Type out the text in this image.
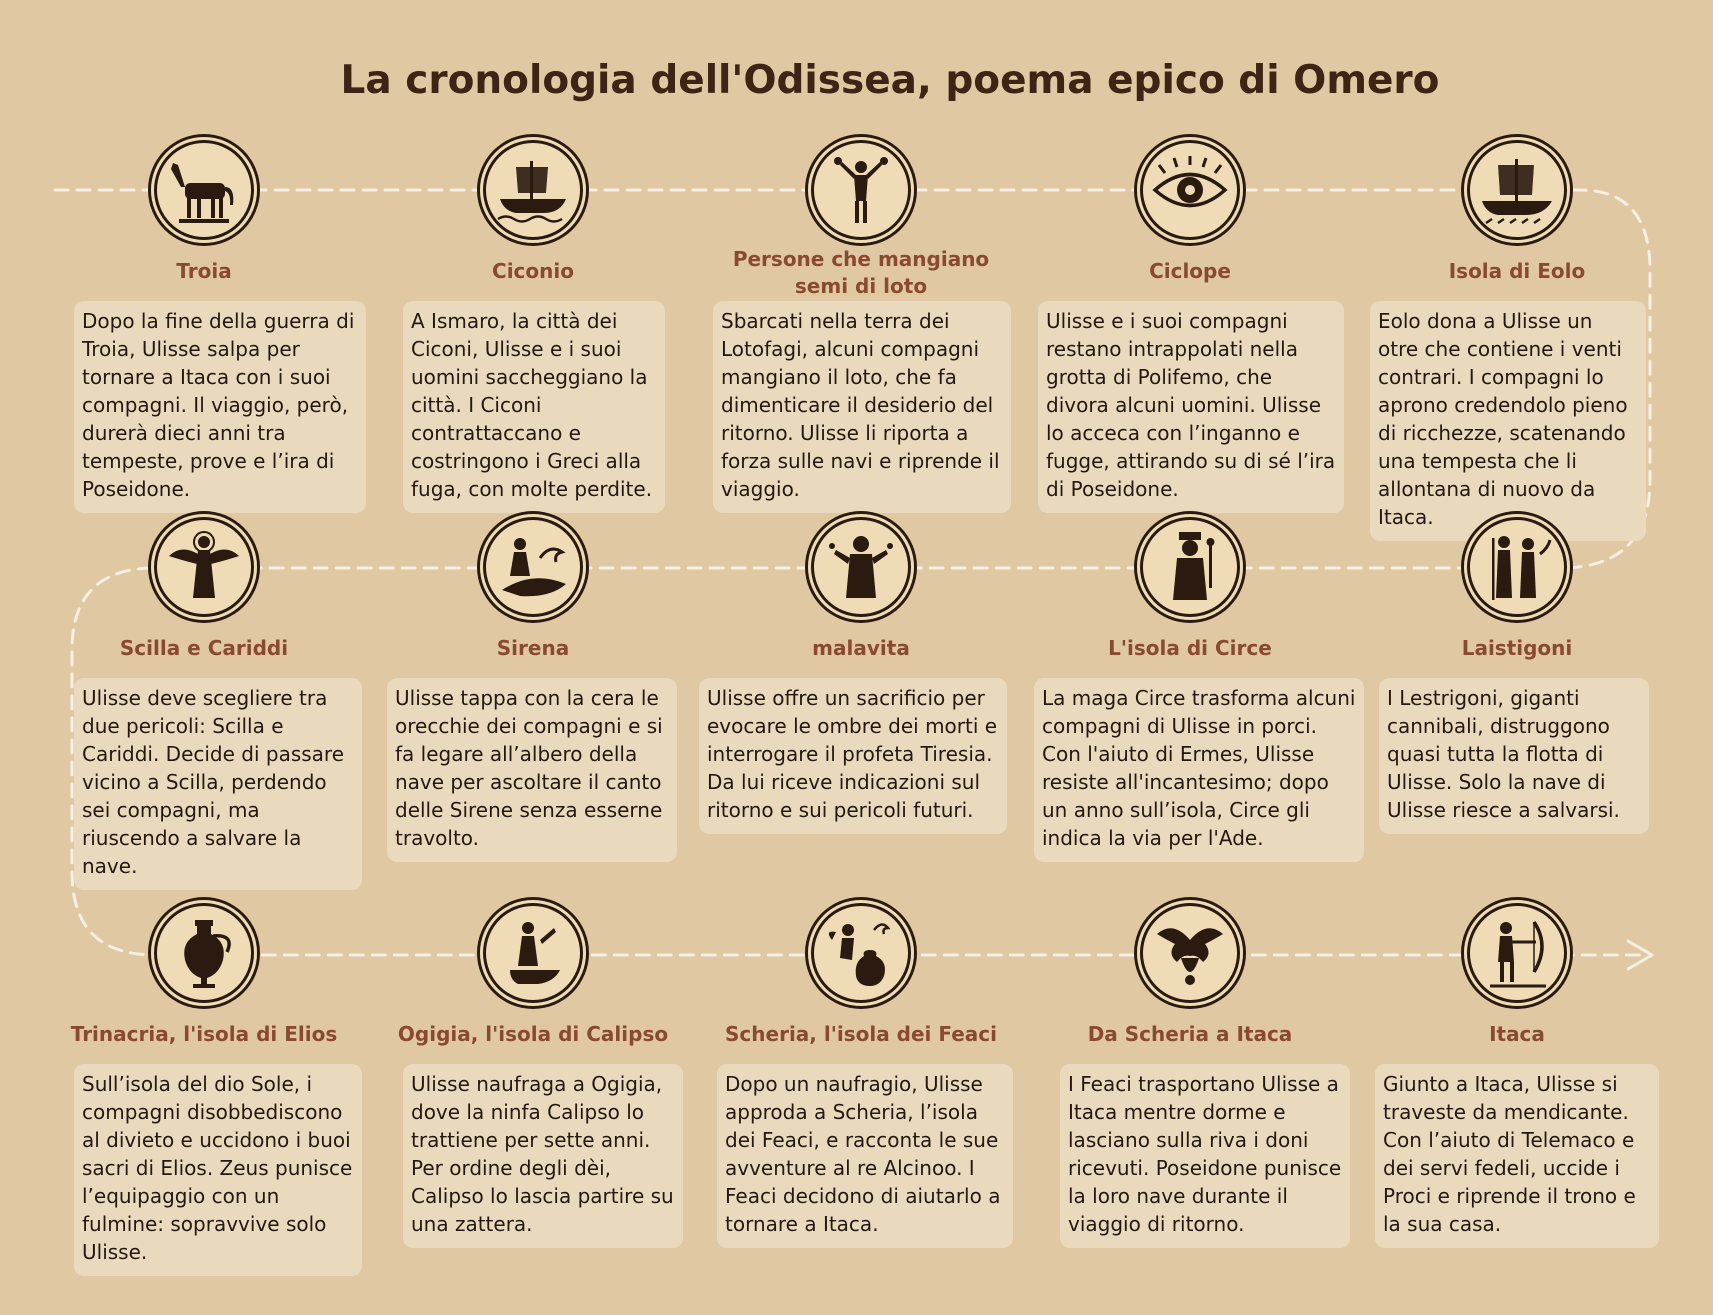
La cronologia dell'Odissea, poema epico di Omero
Troia
Dopo la fine della guerra di Troia, Ulisse salpa per tornare a Itaca con i suoi compagni. Il viaggio, però, durerà dieci anni tra tempeste, prove e l’ira di Poseidone.
Ciconio
A Ismaro, la città dei Ciconi, Ulisse e i suoi uomini saccheggiano la città. I Ciconi contrattaccano e costringono i Greci alla fuga, con molte perdite.
Persone che mangiano semi di loto
Sbarcati nella terra dei Lotofagi, alcuni compagni mangiano il loto, che fa dimenticare il desiderio del ritorno. Ulisse li riporta a forza sulle navi e riprende il viaggio.
Ciclope
Ulisse e i suoi compagni restano intrappolati nella grotta di Polifemo, che divora alcuni uomini. Ulisse lo acceca con l’inganno e fugge, attirando su di sé l’ira di Poseidone.
Isola di Eolo
Eolo dona a Ulisse un otre che contiene i venti contrari. I compagni lo aprono credendolo pieno di ricchezze, scatenando una tempesta che li allontana di nuovo da Itaca.
Scilla e Cariddi
Ulisse deve scegliere tra due pericoli: Scilla e Cariddi. Decide di passare vicino a Scilla, perdendo sei compagni, ma riuscendo a salvare la nave.
Sirena
Ulisse tappa con la cera le orecchie dei compagni e si fa legare all’albero della nave per ascoltare il canto delle Sirene senza esserne travolto.
malavita
Ulisse offre un sacrificio per evocare le ombre dei morti e interrogare il profeta Tiresia. Da lui riceve indicazioni sul ritorno e sui pericoli futuri.
L'isola di Circe
La maga Circe trasforma alcuni compagni di Ulisse in porci. Con l'aiuto di Ermes, Ulisse resiste all'incantesimo; dopo un anno sull’isola, Circe gli indica la via per l'Ade.
Laistigoni
I Lestrigoni, giganti cannibali, distruggono quasi tutta la flotta di Ulisse. Solo la nave di Ulisse riesce a salvarsi.
Trinacria, l'isola di Elios
Sull’isola del dio Sole, i compagni disobbediscono al divieto e uccidono i buoi sacri di Elios. Zeus punisce l’equipaggio con un fulmine: sopravvive solo Ulisse.
Ogigia, l'isola di Calipso
Ulisse naufraga a Ogigia, dove la ninfa Calipso lo trattiene per sette anni. Per ordine degli dèi, Calipso lo lascia partire su una zattera.
Scheria, l'isola dei Feaci
Dopo un naufragio, Ulisse approda a Scheria, l’isola dei Feaci, e racconta le sue avventure al re Alcinoo. I Feaci decidono di aiutarlo a tornare a Itaca.
Da Scheria a Itaca
I Feaci trasportano Ulisse a Itaca mentre dorme e lasciano sulla riva i doni ricevuti. Poseidone punisce la loro nave durante il viaggio di ritorno.
Itaca
Giunto a Itaca, Ulisse si traveste da mendicante. Con l’aiuto di Telemaco e dei servi fedeli, uccide i Proci e riprende il trono e la sua casa.
